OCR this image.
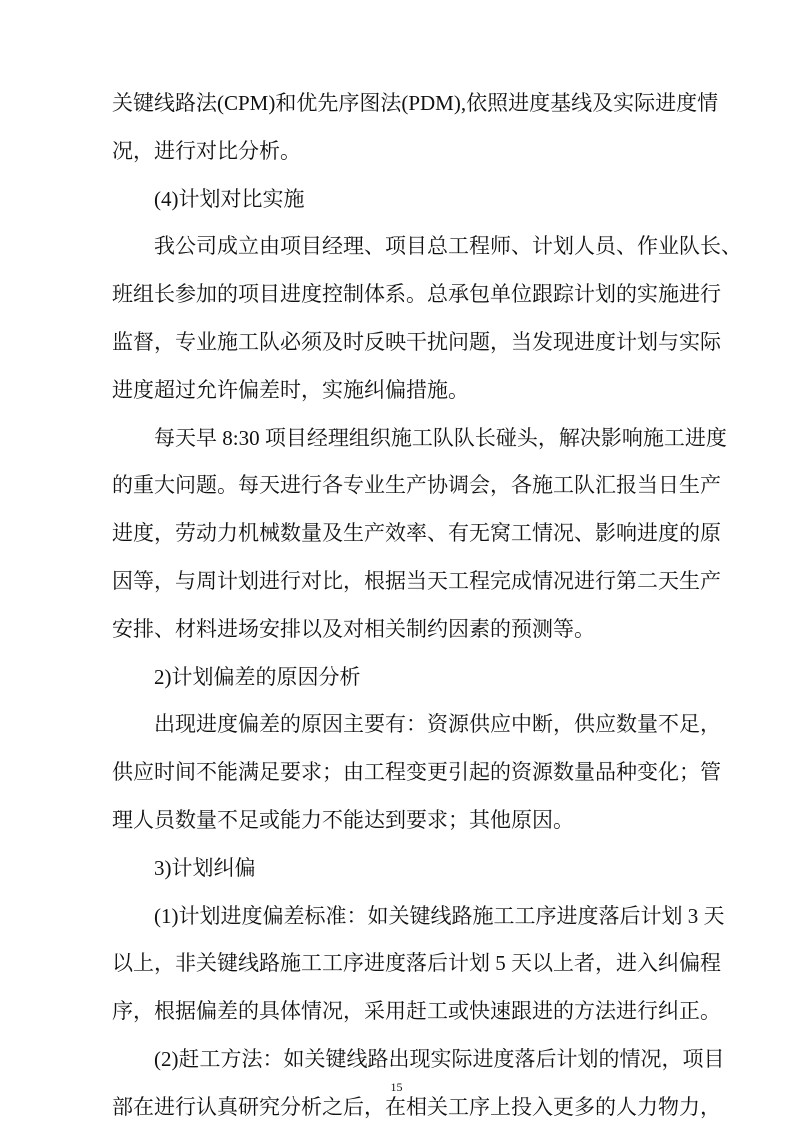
关键线路法(CPM)和优先序图法(PDM),依照进度基线及实际进度情
况，进行对比分析。
(4)计划对比实施
我公司成立由项目经理、项目总工程师、计划人员、作业队长、
班组长参加的项目进度控制体系。总承包单位跟踪计划的实施进行
监督，专业施工队必须及时反映干扰问题，当发现进度计划与实际
进度超过允许偏差时，实施纠偏措施。
每天早 8:30 项目经理组织施工队队长碰头，解决影响施工进度
的重大问题。每天进行各专业生产协调会，各施工队汇报当日生产
进度，劳动力机械数量及生产效率、有无窝工情况、影响进度的原
因等，与周计划进行对比，根据当天工程完成情况进行第二天生产
安排、材料进场安排以及对相关制约因素的预测等。
2)计划偏差的原因分析
出现进度偏差的原因主要有：资源供应中断，供应数量不足，
供应时间不能满足要求；由工程变更引起的资源数量品种变化；管
理人员数量不足或能力不能达到要求；其他原因。
3)计划纠偏
(1)计划进度偏差标准：如关键线路施工工序进度落后计划 3 天
以上，非关键线路施工工序进度落后计划 5 天以上者，进入纠偏程
序，根据偏差的具体情况，采用赶工或快速跟进的方法进行纠正。
(2)赶工方法：如关键线路出现实际进度落后计划的情况，项目
部在进行认真研究分析之后，在相关工序上投入更多的人力物力，
15
